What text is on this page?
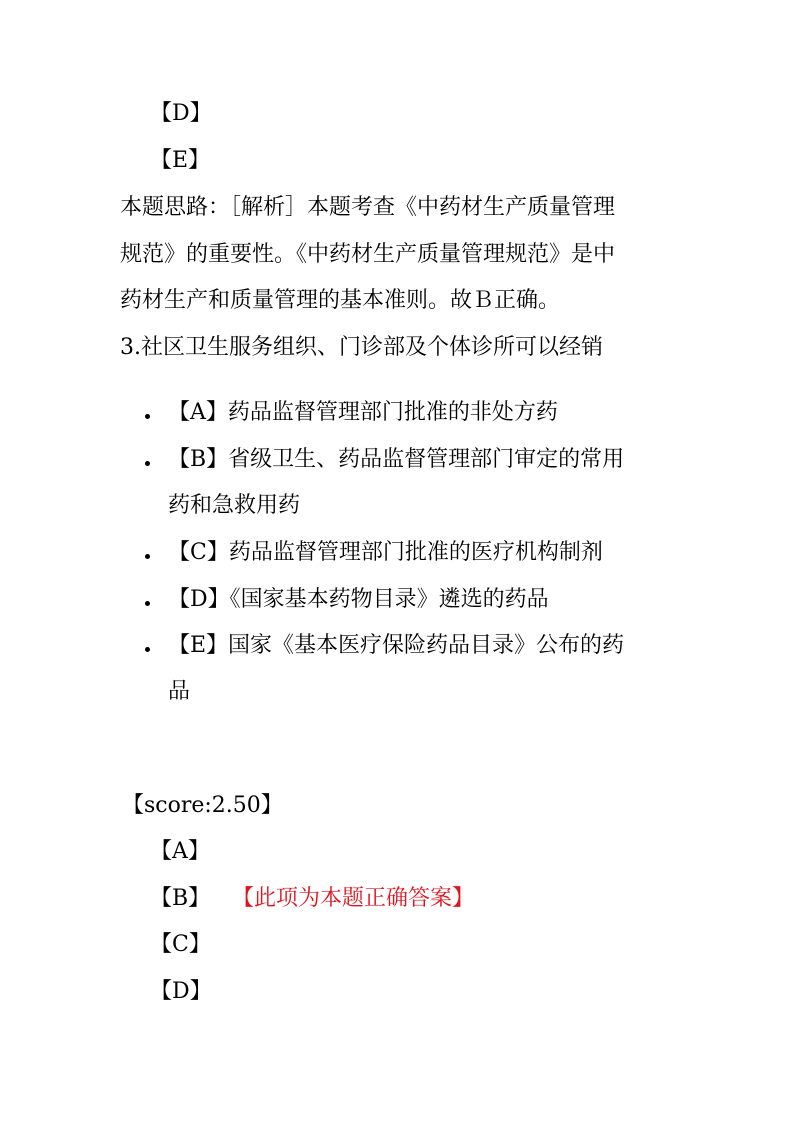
【D】
【E】
本题思路：［解析］本题考查《中药材生产质量管理
规范》的重要性。《中药材生产质量管理规范》是中
药材生产和质量管理的基本准则。故Ｂ正确。
3.社区卫生服务组织、门诊部及个体诊所可以经销
【A】药品监督管理部门批准的非处方药
【B】省级卫生、药品监督管理部门审定的常用
药和急救用药
【C】药品监督管理部门批准的医疗机构制剂
【D】《国家基本药物目录》遴选的药品
【E】国家《基本医疗保险药品目录》公布的药
品
【score:2.50】
【A】
【B】 【此项为本题正确答案】
【C】
【D】
